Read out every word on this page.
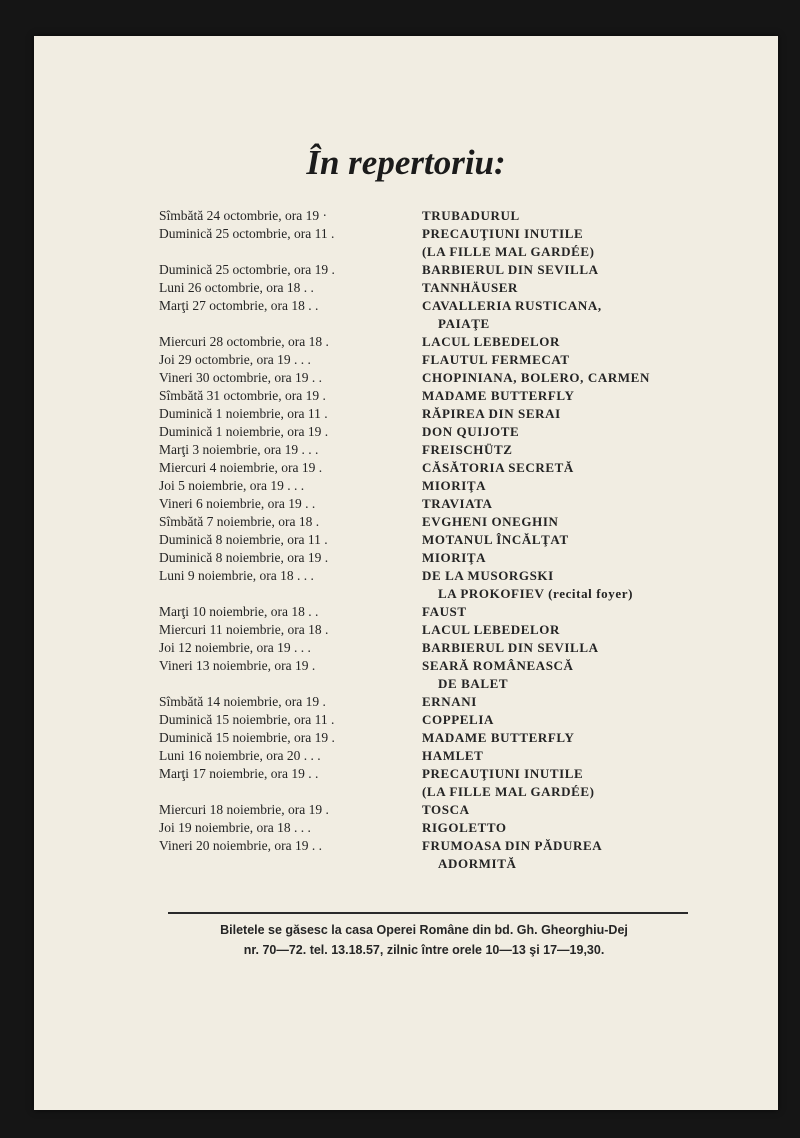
În repertoriu:
Sîmbătă 24 octombrie, ora 19 ·	TRUBADURUL
Duminică 25 octombrie, ora 11 .	PRECAUŢIUNI INUTILE
(LA FILLE MAL GARDÉE)
Duminică 25 octombrie, ora 19 .	BARBIERUL DIN SEVILLA
Luni 26 octombrie, ora 18 . .	TANNHÄUSER
Marţi 27 octombrie, ora 18 . .	CAVALLERIA RUSTICANA,
PAIAŢE
Miercuri 28 octombrie, ora 18 .	LACUL LEBEDELOR
Joi 29 octombrie, ora 19 . . .	FLAUTUL FERMECAT
Vineri 30 octombrie, ora 19 . .	CHOPINIANA, BOLERO, CARMEN
Sîmbătă 31 octombrie, ora 19 .	MADAME BUTTERFLY
Duminică 1 noiembrie, ora 11 .	RĂPIREA DIN SERAI
Duminică 1 noiembrie, ora 19 .	DON QUIJOTE
Marţi 3 noiembrie, ora 19 . . .	FREISCHÜTZ
Miercuri 4 noiembrie, ora 19 .	CĂSĂTORIA SECRETĂ
Joi 5 noiembrie, ora 19 . . .	MIORIŢA
Vineri 6 noiembrie, ora 19 . .	TRAVIATA
Sîmbătă 7 noiembrie, ora 18 .	EVGHENI ONEGHIN
Duminică 8 noiembrie, ora 11 .	MOTANUL ÎNCĂLŢAT
Duminică 8 noiembrie, ora 19 .	MIORIŢA
Luni 9 noiembrie, ora 18 . . .	DE LA MUSORGSKI
LA PROKOFIEV (recital foyer)
Marţi 10 noiembrie, ora 18 . .	FAUST
Miercuri 11 noiembrie, ora 18 .	LACUL LEBEDELOR
Joi 12 noiembrie, ora 19 . . .	BARBIERUL DIN SEVILLA
Vineri 13 noiembrie, ora 19 .	SEARĂ ROMÂNEASCĂ
DE BALET
Sîmbătă 14 noiembrie, ora 19 .	ERNANI
Duminică 15 noiembrie, ora 11 .	COPPELIA
Duminică 15 noiembrie, ora 19 .	MADAME BUTTERFLY
Luni 16 noiembrie, ora 20 . . .	HAMLET
Marţi 17 noiembrie, ora 19 . .	PRECAUŢIUNI INUTILE
(LA FILLE MAL GARDÉE)
Miercuri 18 noiembrie, ora 19 .	TOSCA
Joi 19 noiembrie, ora 18 . . .	RIGOLETTO
Vineri 20 noiembrie, ora 19 . .	FRUMOASA DIN PĂDUREA
ADORMITĂ
Biletele se găsesc la casa Operei Române din bd. Gh. Gheorghiu-Dej
nr. 70—72. tel. 13.18.57, zilnic între orele 10—13 şi 17—19,30.
